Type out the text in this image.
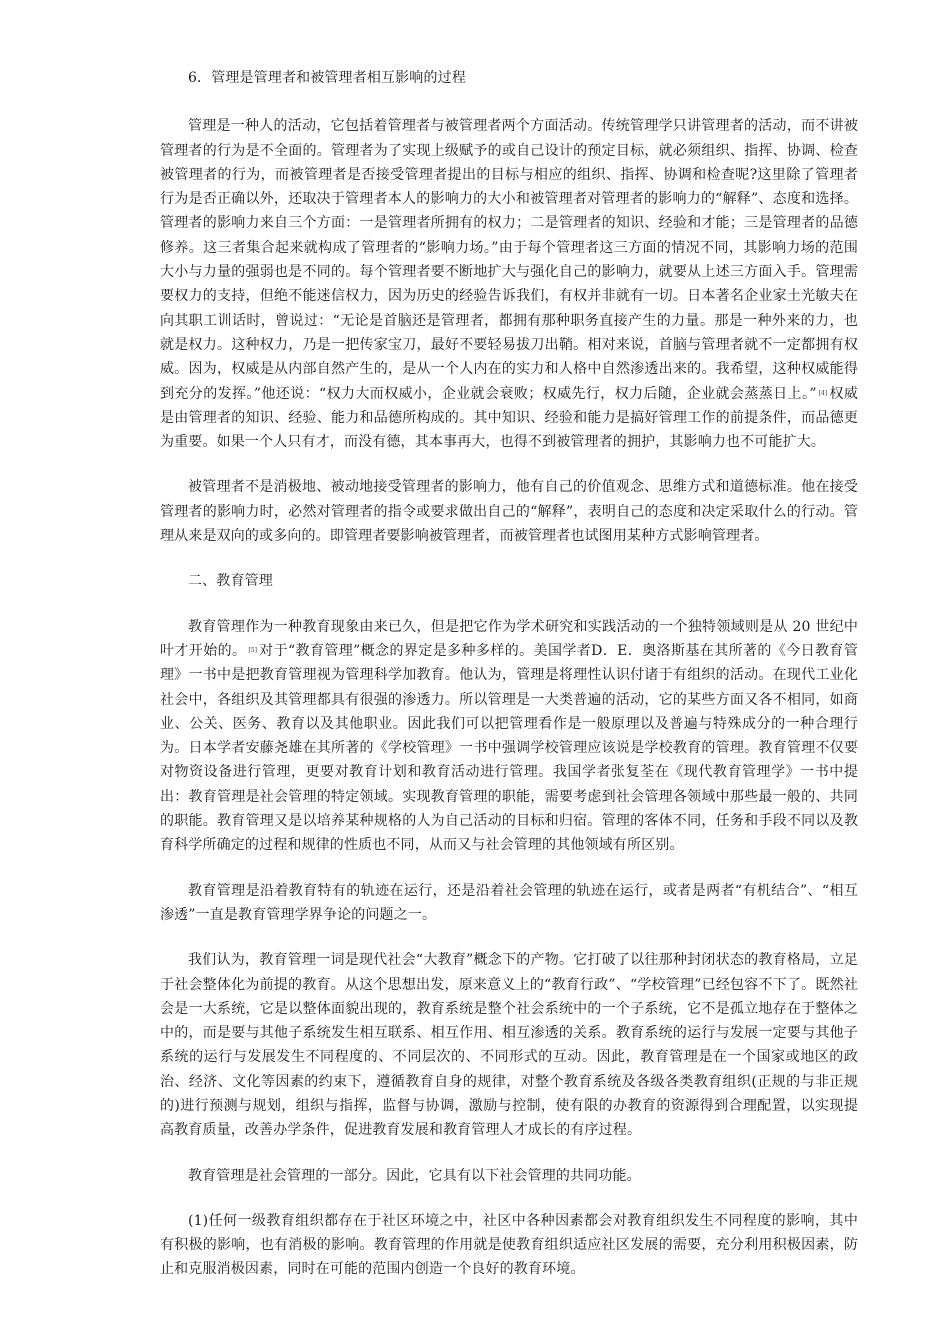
6．管理是管理者和被管理者相互影响的过程

管理是一种人的活动，它包括着管理者与被管理者两个方面活动。传统管理学只讲管理者的活动，而不讲被管理者的行为是不全面的。管理者为了实现上级赋予的或自己设计的预定目标，就必须组织、指挥、协调、检查被管理者的行为，而被管理者是否接受管理者提出的目标与相应的组织、指挥、协调和检查呢?这里除了管理者行为是否正确以外，还取决于管理者本人的影响力的大小和被管理者对管理者的影响力的“解释”、态度和选择。管理者的影响力来自三个方面：一是管理者所拥有的权力；二是管理者的知识、经验和才能；三是管理者的品德修养。这三者集合起来就构成了管理者的“影响力场。”由于每个管理者这三方面的情况不同，其影响力场的范围大小与力量的强弱也是不同的。每个管理者要不断地扩大与强化自己的影响力，就要从上述三方面入手。管理需要权力的支持，但绝不能迷信权力，因为历史的经验告诉我们，有权并非就有一切。日本著名企业家土光敏夫在向其职工训话时，曾说过：“无论是首脑还是管理者，都拥有那种职务直接产生的力量。那是一种外来的力，也就是权力。这种权力，乃是一把传家宝刀，最好不要轻易拔刀出鞘。相对来说，首脑与管理者就不一定都拥有权威。因为，权威是从内部自然产生的，是从一个人内在的实力和人格中自然渗透出来的。我希望，这种权威能得到充分的发挥。”他还说：“权力大而权威小，企业就会衰败；权威先行，权力后随，企业就会蒸蒸日上。” [4] 权威是由管理者的知识、经验、能力和品德所构成的。其中知识、经验和能力是搞好管理工作的前提条件，而品德更为重要。如果一个人只有才，而没有德，其本事再大，也得不到被管理者的拥护，其影响力也不可能扩大。

被管理者不是消极地、被动地接受管理者的影响力，他有自己的价值观念、思维方式和道德标准。他在接受管理者的影响力时，必然对管理者的指令或要求做出自己的“解释”，表明自己的态度和决定采取什么的行动。管理从来是双向的或多向的。即管理者要影响被管理者，而被管理者也试图用某种方式影响管理者。

二、教育管理

教育管理作为一种教育现象由来已久，但是把它作为学术研究和实践活动的一个独特领域则是从 20 世纪中叶才开始的。 [5] 对于“教育管理”概念的界定是多种多样的。美国学者D．E．奥洛斯基在其所著的《今日教育管理》一书中是把教育管理视为管理科学加教育。他认为，管理是将理性认识付诸于有组织的活动。在现代工业化社会中，各组织及其管理都具有很强的渗透力。所以管理是一大类普遍的活动，它的某些方面又各不相同，如商业、公关、医务、教育以及其他职业。因此我们可以把管理看作是一般原理以及普遍与特殊成分的一种合理行为。日本学者安藤尧雄在其所著的《学校管理》一书中强调学校管理应该说是学校教育的管理。教育管理不仅要对物资设备进行管理，更要对教育计划和教育活动进行管理。我国学者张复荃在《现代教育管理学》一书中提出：教育管理是社会管理的特定领域。实现教育管理的职能，需要考虑到社会管理各领域中那些最一般的、共同的职能。教育管理又是以培养某种规格的人为自己活动的目标和归宿。管理的客体不同，任务和手段不同以及教育科学所确定的过程和规律的性质也不同，从而又与社会管理的其他领域有所区别。

教育管理是沿着教育特有的轨迹在运行，还是沿着社会管理的轨迹在运行，或者是两者“有机结合”、“相互渗透”一直是教育管理学界争论的问题之一。

我们认为，教育管理一词是现代社会“大教育”概念下的产物。它打破了以往那种封闭状态的教育格局，立足于社会整体化为前提的教育。从这个思想出发，原来意义上的“教育行政”、“学校管理”已经包容不下了。既然社会是一大系统，它是以整体面貌出现的，教育系统是整个社会系统中的一个子系统，它不是孤立地存在于整体之中的，而是要与其他子系统发生相互联系、相互作用、相互渗透的关系。教育系统的运行与发展一定要与其他子系统的运行与发展发生不同程度的、不同层次的、不同形式的互动。因此，教育管理是在一个国家或地区的政治、经济、文化等因素的约束下，遵循教育自身的规律，对整个教育系统及各级各类教育组织(正规的与非正规的)进行预测与规划，组织与指挥，监督与协调，激励与控制，使有限的办教育的资源得到合理配置，以实现提高教育质量，改善办学条件，促进教育发展和教育管理人才成长的有序过程。

教育管理是社会管理的一部分。因此，它具有以下社会管理的共同功能。

(1)任何一级教育组织都存在于社区环境之中，社区中各种因素都会对教育组织发生不同程度的影响，其中有积极的影响，也有消极的影响。教育管理的作用就是使教育组织适应社区发展的需要，充分利用积极因素，防止和克服消极因素，同时在可能的范围内创造一个良好的教育环境。
